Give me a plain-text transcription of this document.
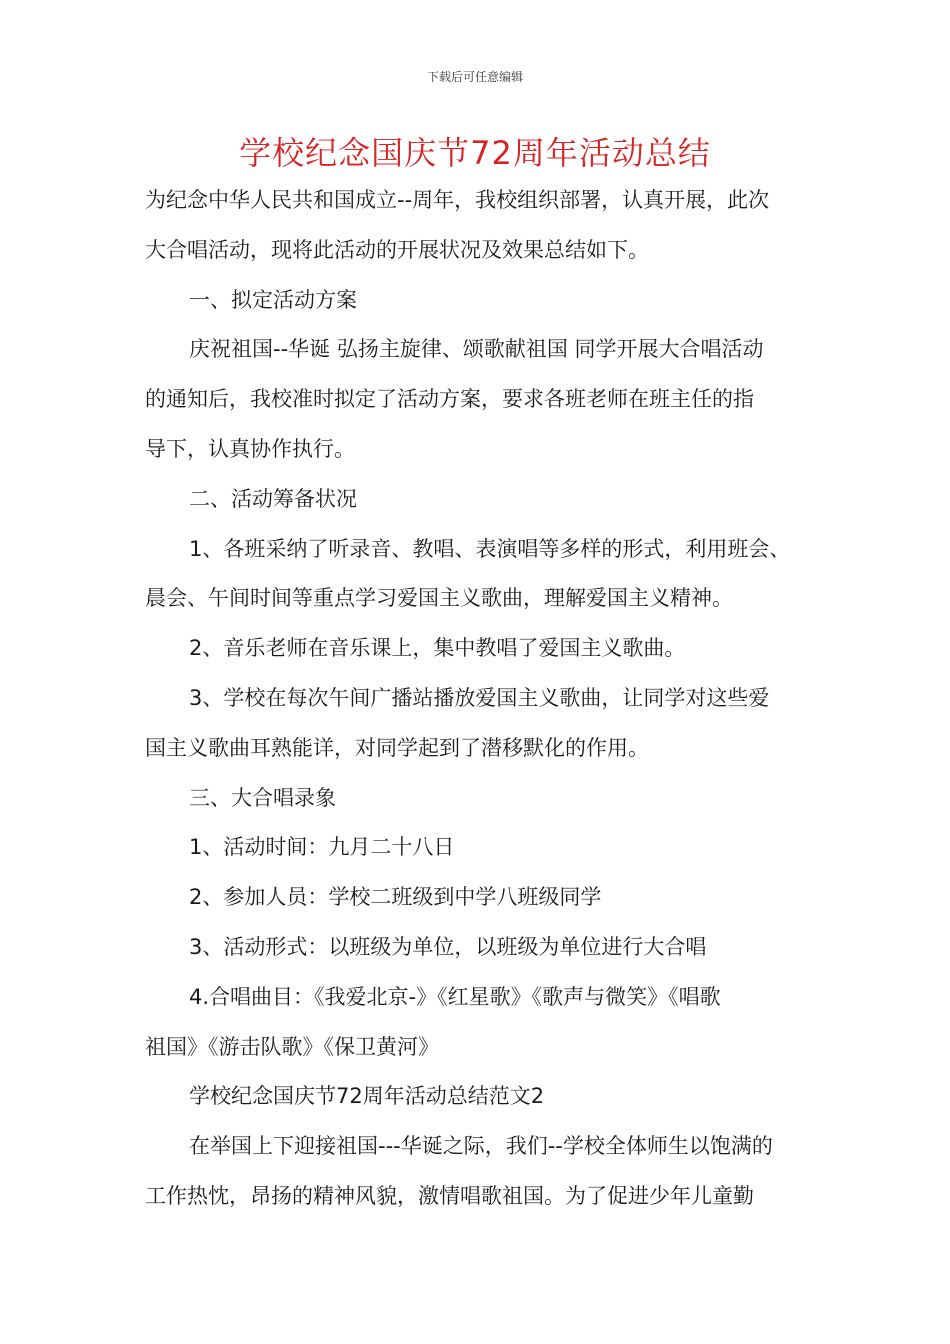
下载后可任意编辑
学校纪念国庆节72周年活动总结
为纪念中华人民共和国成立--周年，我校组织部署，认真开展，此次
大合唱活动，现将此活动的开展状况及效果总结如下。
一、拟定活动方案
庆祝祖国--华诞 弘扬主旋律、颂歌献祖国 同学开展大合唱活动
的通知后，我校准时拟定了活动方案，要求各班老师在班主任的指
导下，认真协作执行。
二、活动筹备状况
1、各班采纳了听录音、教唱、表演唱等多样的形式，利用班会、
晨会、午间时间等重点学习爱国主义歌曲，理解爱国主义精神。
2、音乐老师在音乐课上，集中教唱了爱国主义歌曲。
3、学校在每次午间广播站播放爱国主义歌曲，让同学对这些爱
国主义歌曲耳熟能详，对同学起到了潜移默化的作用。
三、大合唱录象
1、活动时间：九月二十八日
2、参加人员：学校二班级到中学八班级同学
3、活动形式：以班级为单位，以班级为单位进行大合唱
4.合唱曲目：《我爱北京-》《红星歌》《歌声与微笑》《唱歌
祖国》《游击队歌》《保卫黄河》
学校纪念国庆节72周年活动总结范文2
在举国上下迎接祖国---华诞之际，我们--学校全体师生以饱满的
工作热忱，昂扬的精神风貌，激情唱歌祖国。为了促进少年儿童勤
